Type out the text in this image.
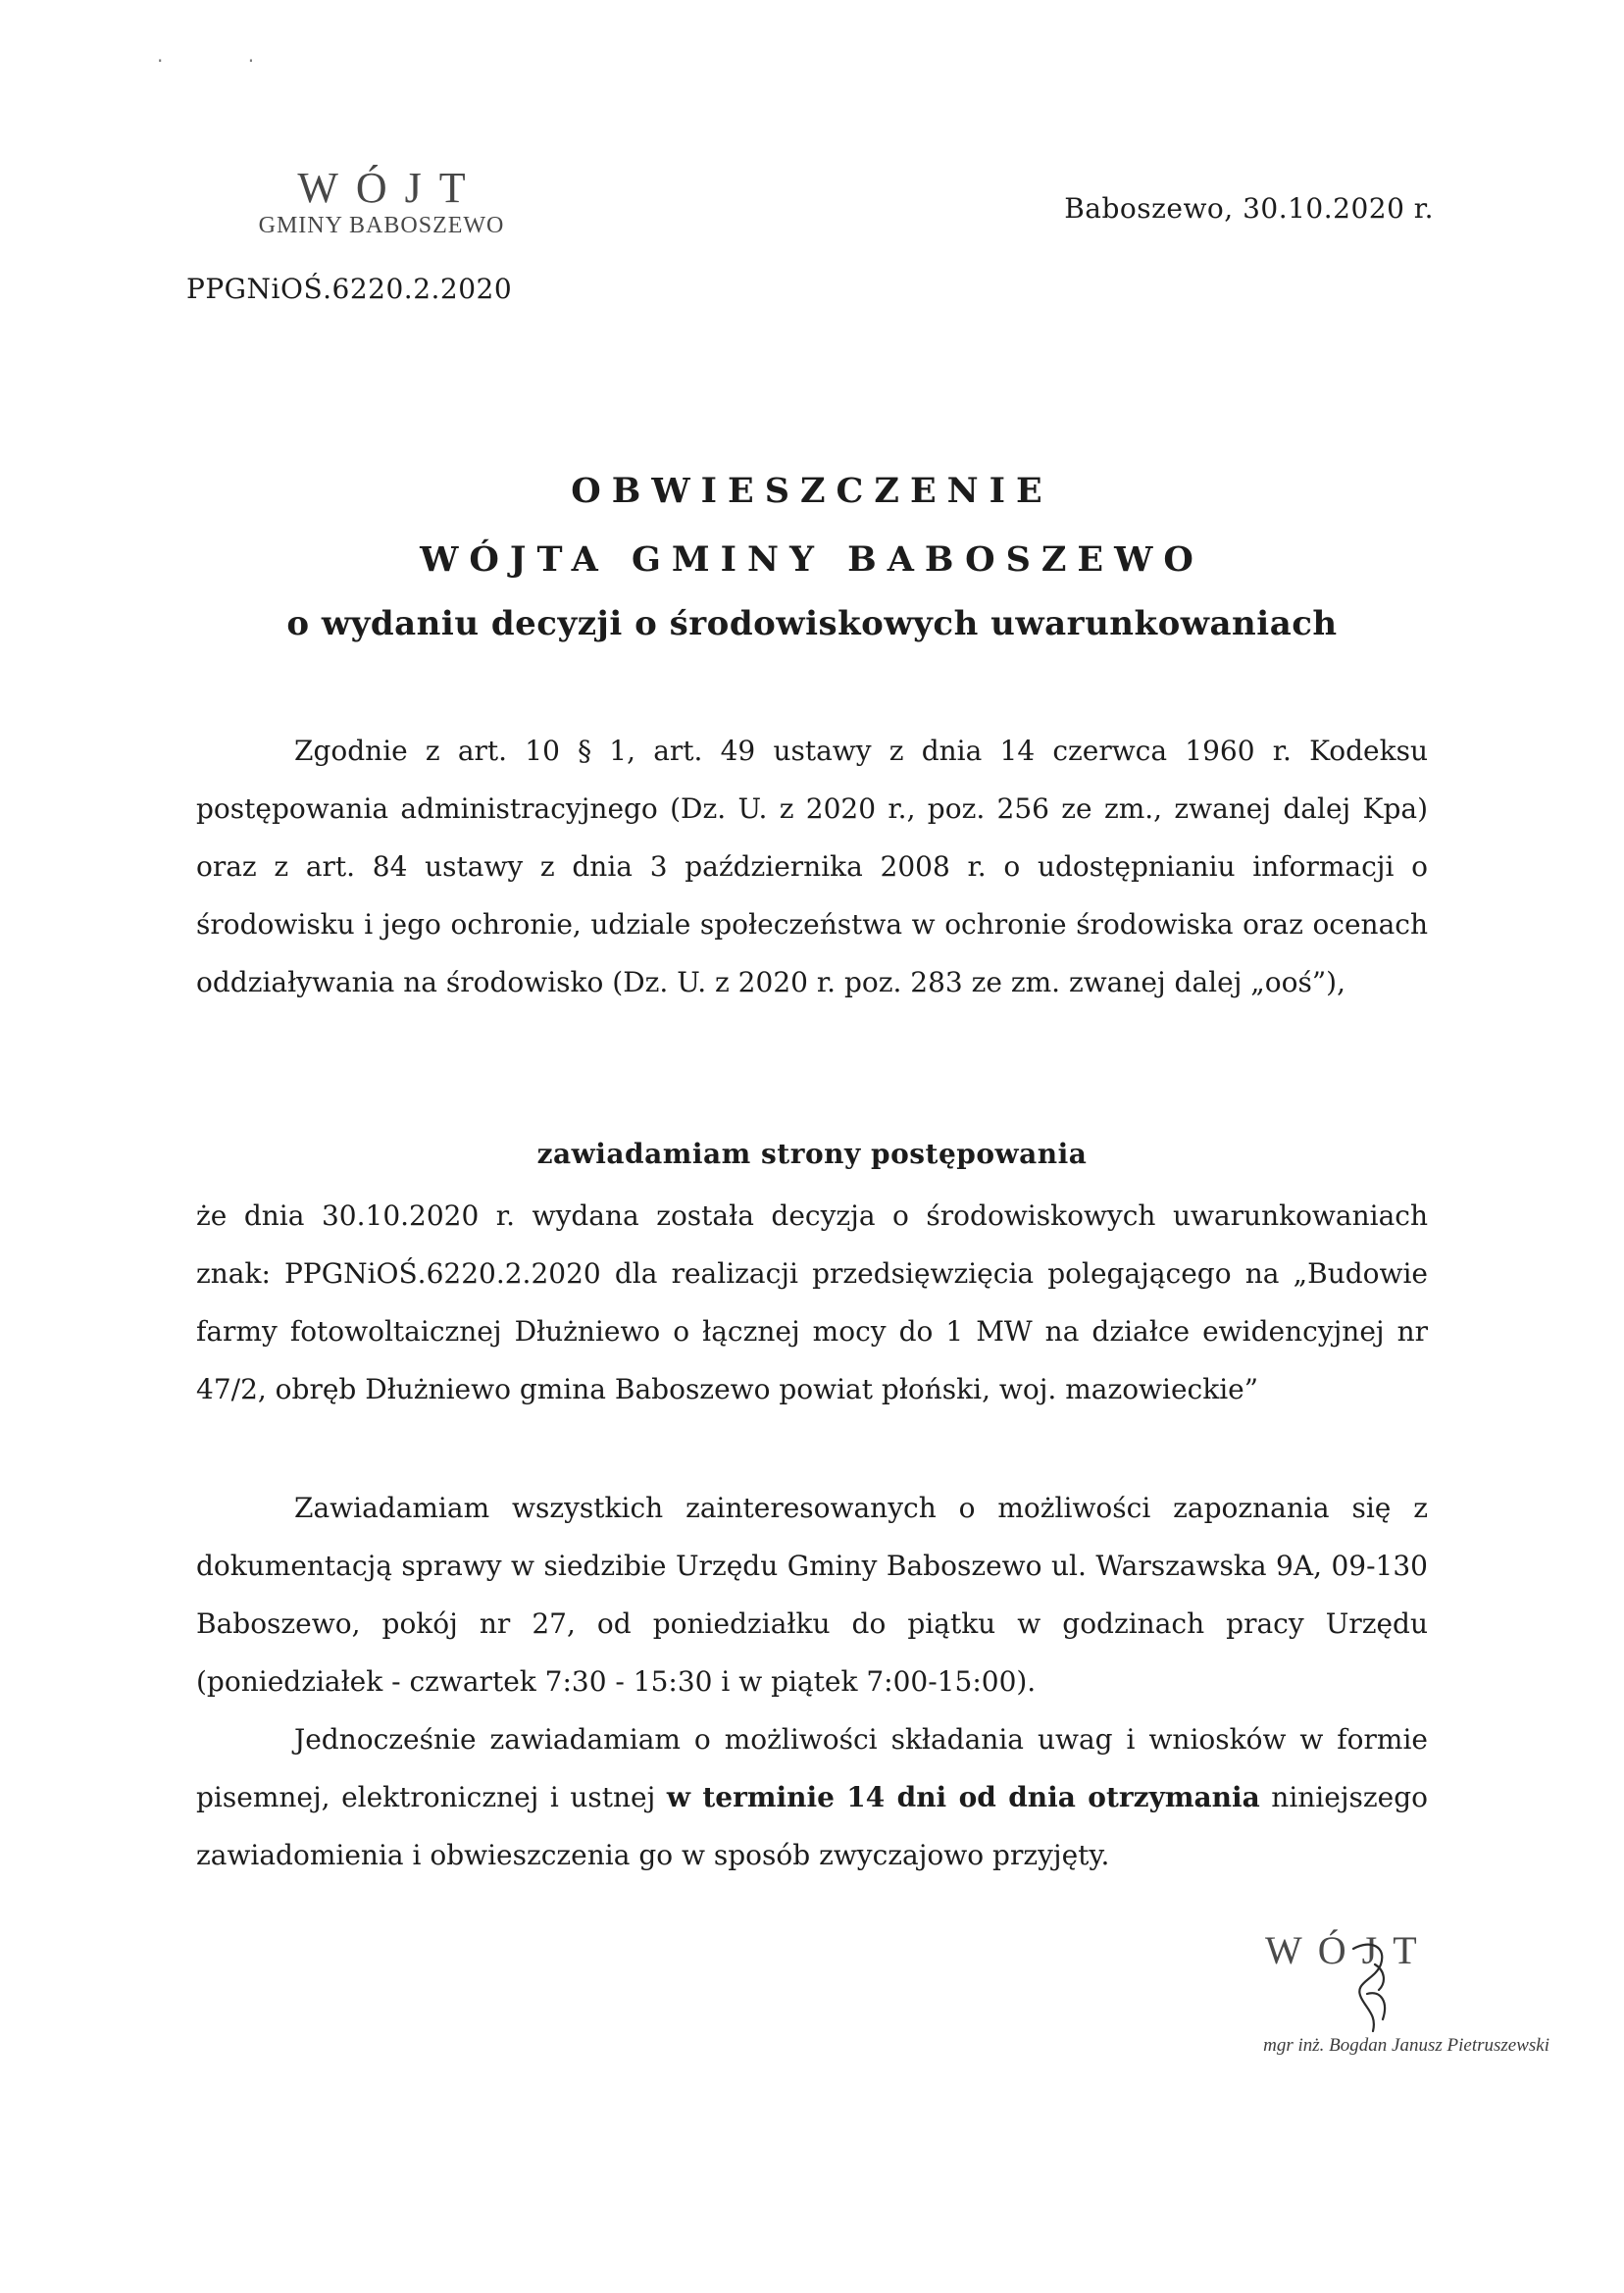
· ·
WÓJT
GMINY BABOSZEWO
PPGNiOŚ.6220.2.2020
Baboszewo, 30.10.2020 r.
OBWIESZCZENIE
WÓJTA GMINY BABOSZEWO
o wydaniu decyzji o środowiskowych uwarunkowaniach
Zgodnie z art. 10 § 1, art. 49 ustawy z dnia 14 czerwca 1960 r. Kodeksu postępowania administracyjnego (Dz. U. z 2020 r., poz. 256 ze zm., zwanej dalej Kpa) oraz z art. 84 ustawy z dnia 3 października 2008 r. o udostępnianiu informacji o środowisku i jego ochronie, udziale społeczeństwa w ochronie środowiska oraz ocenach oddziaływania na środowisko (Dz. U. z 2020 r. poz. 283 ze zm. zwanej dalej „ooś”),
zawiadamiam strony postępowania
że dnia 30.10.2020 r. wydana została decyzja o środowiskowych uwarunkowaniach znak: PPGNiOŚ.6220.2.2020 dla realizacji przedsięwzięcia polegającego na „Budowie farmy fotowoltaicznej Dłużniewo o łącznej mocy do 1 MW na działce ewidencyjnej nr 47/2, obręb Dłużniewo gmina Baboszewo powiat płoński, woj. mazowieckie”
Zawiadamiam wszystkich zainteresowanych o możliwości zapoznania się z dokumentacją sprawy w siedzibie Urzędu Gminy Baboszewo ul. Warszawska 9A, 09-130 Baboszewo, pokój nr 27, od poniedziałku do piątku w godzinach pracy Urzędu (poniedziałek - czwartek 7:30 - 15:30 i w piątek 7:00-15:00).
Jednocześnie zawiadamiam o możliwości składania uwag i wniosków w formie pisemnej, elektronicznej i ustnej w terminie 14 dni od dnia otrzymania niniejszego zawiadomienia i obwieszczenia go w sposób zwyczajowo przyjęty.
WÓJT
mgr inż. Bogdan Janusz Pietruszewski
